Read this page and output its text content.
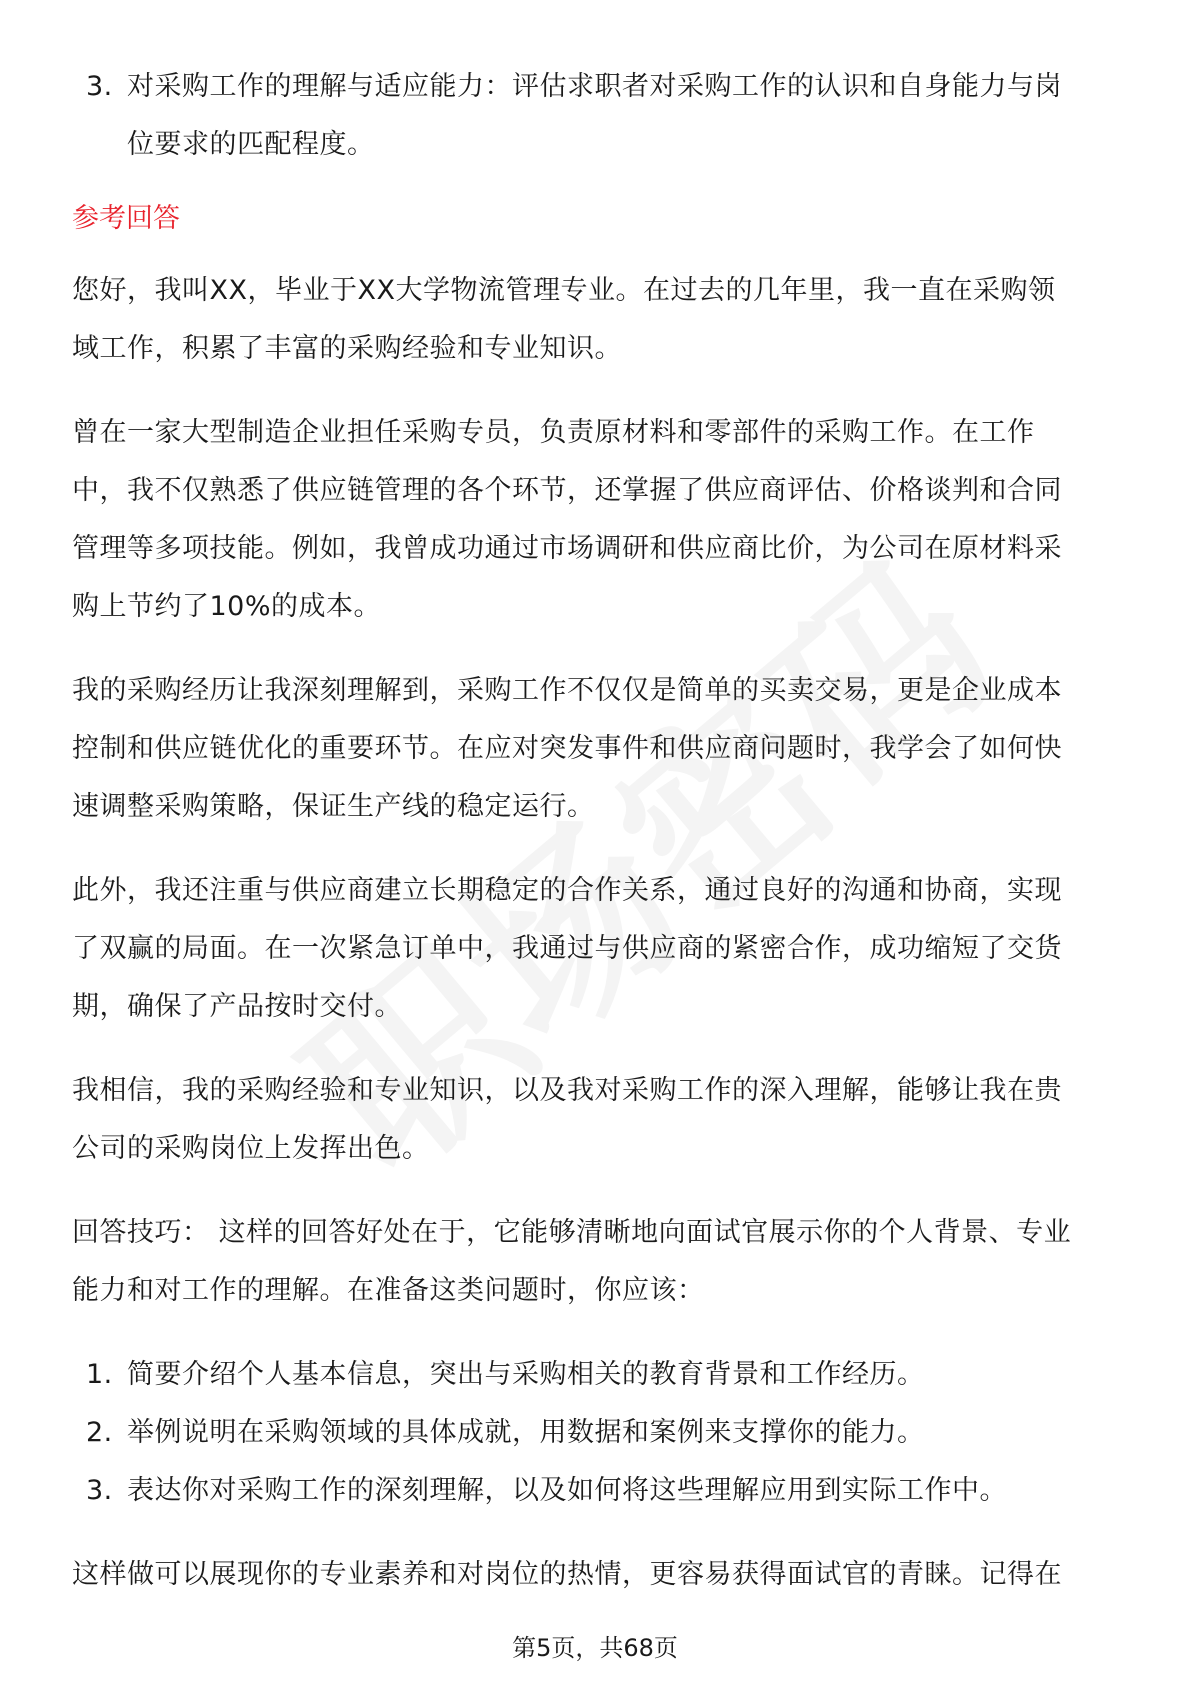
3. 对采购工作的理解与适应能力：评估求职者对采购工作的认识和自身能力与岗
位要求的匹配程度。
参考回答
您好，我叫XX，毕业于XX大学物流管理专业。在过去的几年里，我一直在采购领
域工作，积累了丰富的采购经验和专业知识。
曾在一家大型制造企业担任采购专员，负责原材料和零部件的采购工作。在工作
中，我不仅熟悉了供应链管理的各个环节，还掌握了供应商评估、价格谈判和合同
管理等多项技能。例如，我曾成功通过市场调研和供应商比价，为公司在原材料采
购上节约了10%的成本。
我的采购经历让我深刻理解到，采购工作不仅仅是简单的买卖交易，更是企业成本
控制和供应链优化的重要环节。在应对突发事件和供应商问题时，我学会了如何快
速调整采购策略，保证生产线的稳定运行。
此外，我还注重与供应商建立长期稳定的合作关系，通过良好的沟通和协商，实现
了双赢的局面。在一次紧急订单中，我通过与供应商的紧密合作，成功缩短了交货
期，确保了产品按时交付。
我相信，我的采购经验和专业知识，以及我对采购工作的深入理解，能够让我在贵
公司的采购岗位上发挥出色。
回答技巧： 这样的回答好处在于，它能够清晰地向面试官展示你的个人背景、专业
能力和对工作的理解。在准备这类问题时，你应该：
1. 简要介绍个人基本信息，突出与采购相关的教育背景和工作经历。
2. 举例说明在采购领域的具体成就，用数据和案例来支撑你的能力。
3. 表达你对采购工作的深刻理解，以及如何将这些理解应用到实际工作中。
这样做可以展现你的专业素养和对岗位的热情，更容易获得面试官的青睐。记得在
第5页，共68页
